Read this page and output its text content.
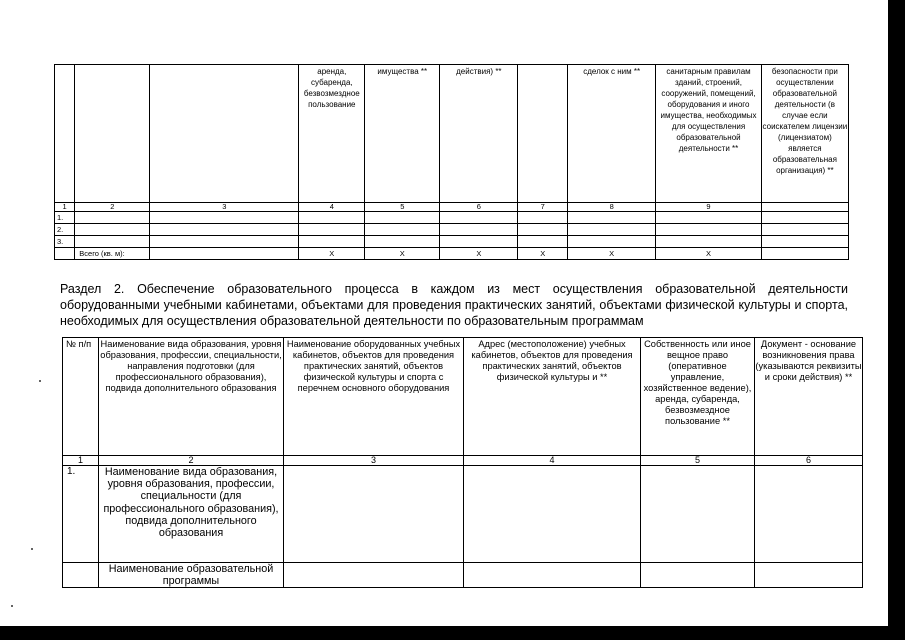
			аренда, субаренда, безвозмездное пользование	имущества **	действия) **		сделок с ним **	санитарным правилам зданий, строений, сооружений, помещений, оборудования и иного имущества, необходимых для осуществления образовательной деятельности **	безопасности при осуществлении образовательной деятельности (в случае если соискателем лицензии (лицензиатом) является образовательная организация) **
1	2	3	4	5	6	7	8	9	
1.									
2.									
3.									
	Всего (кв. м):		Х	Х	Х	Х	Х	Х	
Раздел 2. Обеспечение образовательного процесса в каждом из мест осуществления образовательной деятельности оборудованными учебными кабинетами, объектами для проведения практических занятий, объектами физической культуры и спорта, необходимых для осуществления образовательной деятельности по образовательным программам
№ п/п	Наименование вида образования, уровня образования, профессии, специальности, направления подготовки (для профессионального образования), подвида дополнительного образования	Наименование оборудованных учебных кабинетов, объектов для проведения практических занятий, объектов физической культуры и спорта с перечнем основного оборудования	Адрес (местоположение) учебных кабинетов, объектов для проведения практических занятий, объектов физической культуры и **	Собственность или иное вещное право (оперативное управление, хозяйственное ведение), аренда, субаренда, безвозмездное пользование **	Документ - основание возникновения права (указываются реквизиты и сроки действия) **
1	2	3	4	5	6
1.	Наименование вида образования, уровня образования, профессии, специальности (для профессионального образования), подвида дополнительного образования				
	Наименование образовательной программы				
